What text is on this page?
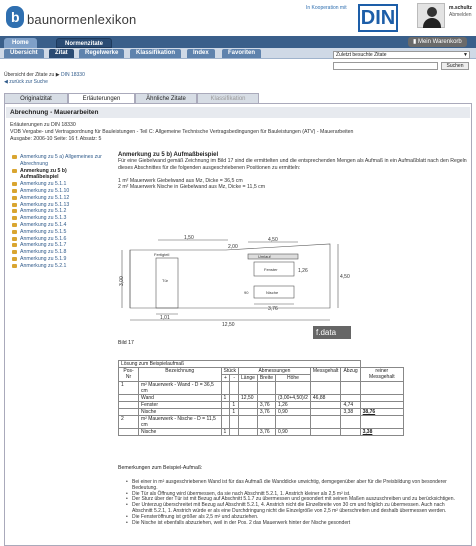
b baunormenlexikon
In Kooperation mit DIN	m.schultz
Abmelden
Home	Normenzitate	▮ Mein Warenkorb
Übersicht	Zitat	Regelwerke	Klassifikation	Index	Favoriten	Zuletzt besuchte Zitate	▼
Suchen
Übersicht der Zitate zu ▶ DIN 18330
◀ zurück zur Suche
Originalzitat	Erläuterungen	Ähnliche Zitate	Klassifikation
Abrechnung - Mauerarbeiten
Erläuterungen zu DIN 18330
VOB Vergabe- und Vertragsordnung für Bauleistungen - Teil C: Allgemeine Technische Vertragsbedingungen für Bauleistungen (ATV) - Mauerarbeiten
Ausgabe: 2006-10 Seite: 16 f. Absatz: 5
Anmerkung zu 5 a) Allgemeines zur Abrechnung
Anmerkung zu 5 b) Aufmaßbeispiel
Anmerkung zu 5.1.1
Anmerkung zu 5.1.10
Anmerkung zu 5.1.12
Anmerkung zu 5.1.13
Anmerkung zu 5.1.2
Anmerkung zu 5.1.3
Anmerkung zu 5.1.4
Anmerkung zu 5.1.5
Anmerkung zu 5.1.6
Anmerkung zu 5.1.7
Anmerkung zu 5.1.8
Anmerkung zu 5.1.9
Anmerkung zu 5.2.1
Anmerkung zu 5 b) Aufmaßbeispiel
Für eine Giebelwand gemäß Zeichnung im Bild 17 sind die ermittelten und die entsprechenden Mengen als Aufmaß in ein Aufmaßblatt nach den Regeln dieses Abschnittes für die folgenden ausgeschriebenen Positionen zu ermitteln:
1 m² Mauerwerk Giebelwand aus Mz, Dicke = 36,5 cm
2 m² Mauerwerk Nische in Giebelwand aus Mz, Dicke = 11,5 cm
1,50
3,00
4,50
2,00
1,01
3,76
12,50
1,26
4,50
Fertigteil
Tür
Umlauf
Fenster
Nische
90
f.data
Bild 17
Lösung zum Beispielaufmaß									
Pos-Nr	Bezeichnung	Stück		Abmessungen			Messgehalt	Abzug	reiner Messgehalt
		+	-	Länge	Breite	Höhe			
1	m² Mauerwerk - Wand - D = 36,5 cm								
	Wand	1		12,50		(3,00+4,50)/2	46,88		
	Fenster		1		3,76	1,26		4,74	
	Nische		1		3,76	0,90		3,38	38,76
2	m² Mauerwerk - Nische - D = 11,5 cm								
	Nische	1			3,76	0,90			3,38
Bemerkungen zum Beispiel-Aufmaß:
• Bei einer in m² ausgeschriebenen Wand ist für das Aufmaß die Wanddicke unwichtig, demgegenüber aber für die Preisbildung von besonderer Bedeutung.
• Die Tür als Öffnung wird übermessen, da sie nach Abschnitt 5.2.1, 1. Anstrich kleiner als 2,5 m² ist.
• Der Sturz über der Tür ist mit Bezug auf Abschnitt 5.1.7 zu übermessen und gesondert mit seinen Maßen auszuschreiben und zu berücksichtigen.
• Der Unterzug überschreitet mit Bezug auf Abschnitt 5.2.1, 4. Anstrich nicht die Einzelbreite von 30 cm und folglich zu übermessen. Auch nach Abschnitt 5.2.1, 1. Anstrich würde er als eine Durchdringung nicht die Einzelgröße von 2,5 m² überschreiten und deshalb übermessen werden.
• Die Fensteröffnung ist größer als 2,5 m² und abzuziehen.
• Die Nische ist ebenfalls abzuziehen, weil in der Pos. 2 das Mauerwerk hinter der Nische gesondert
